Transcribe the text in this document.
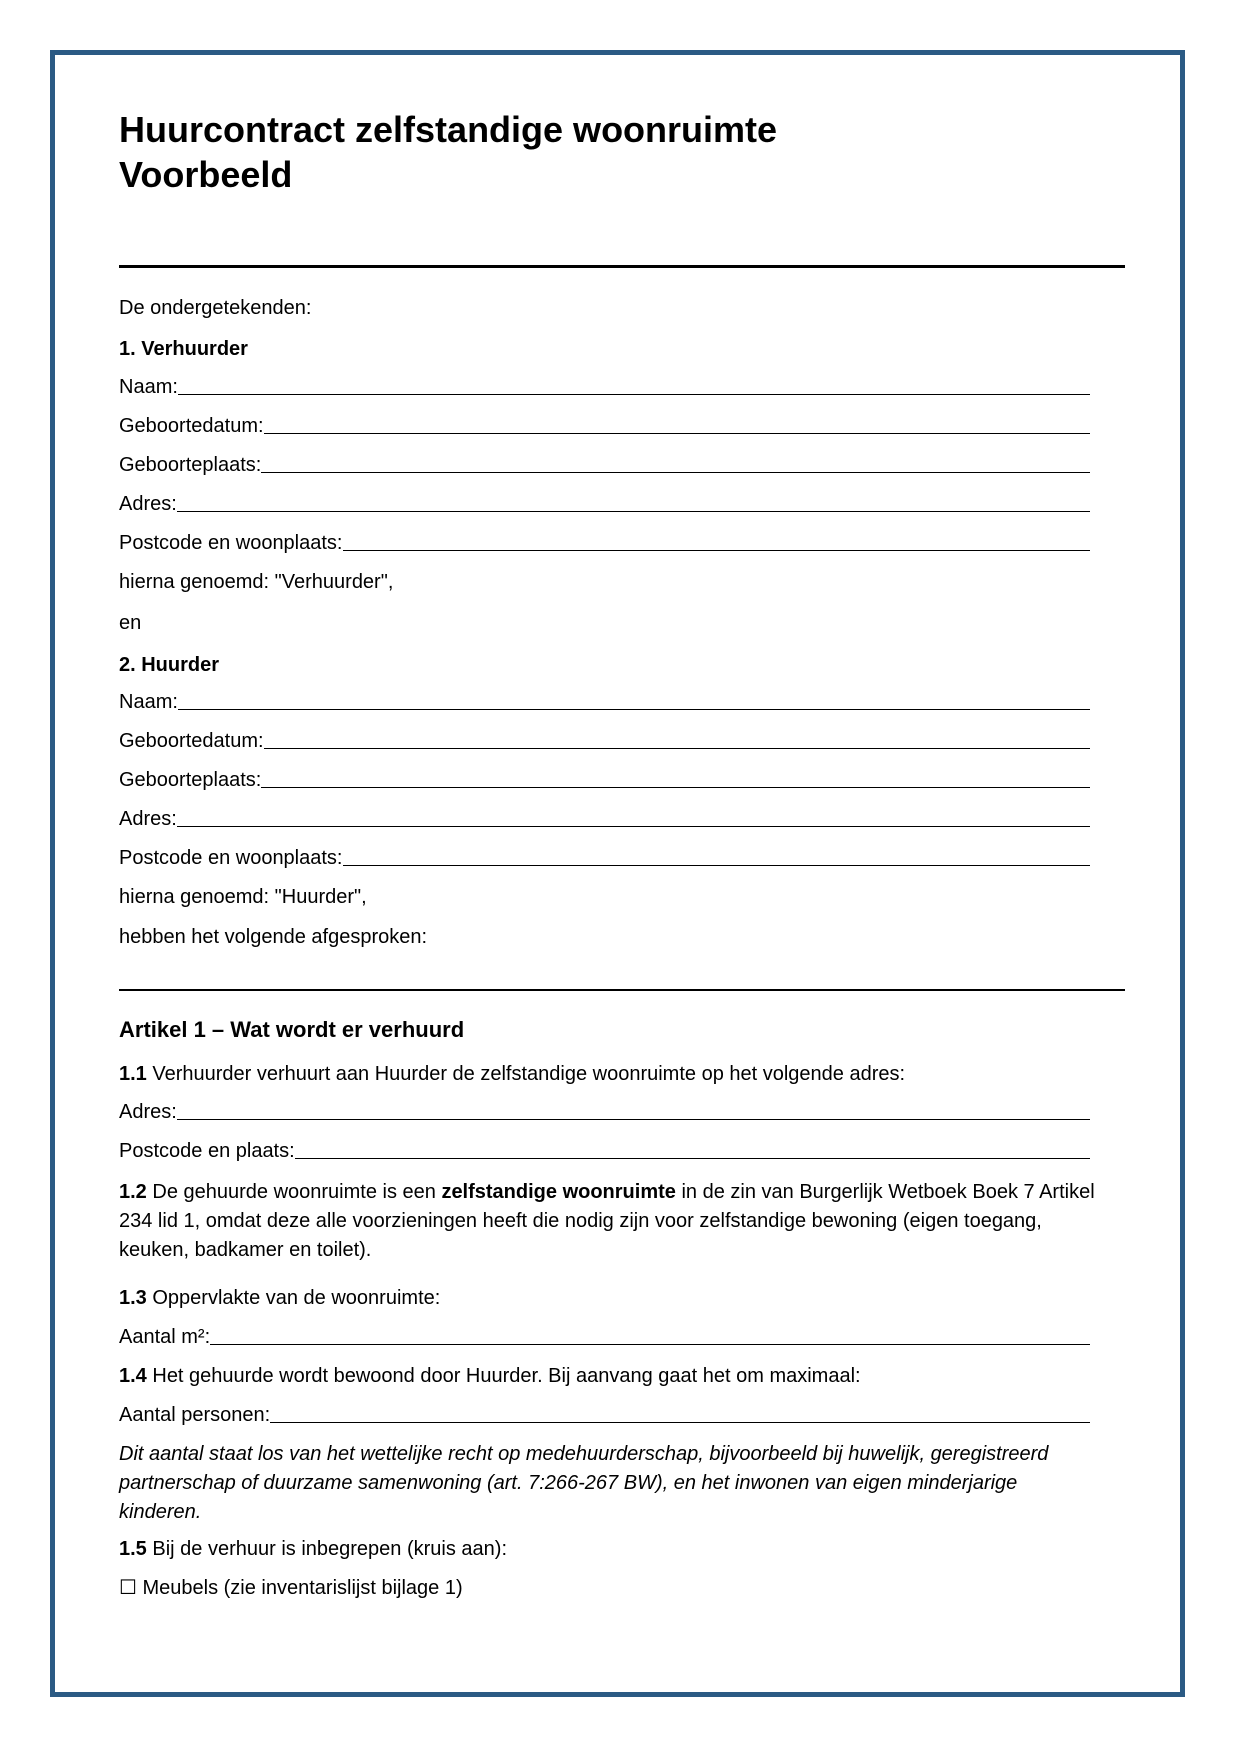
Huurcontract zelfstandige woonruimte
Voorbeeld
De ondergetekenden:
1. Verhuurder
Naam:
Geboortedatum:
Geboorteplaats:
Adres:
Postcode en woonplaats:
hierna genoemd: "Verhuurder",
en
2. Huurder
Naam:
Geboortedatum:
Geboorteplaats:
Adres:
Postcode en woonplaats:
hierna genoemd: "Huurder",
hebben het volgende afgesproken:
Artikel 1 – Wat wordt er verhuurd
1.1 Verhuurder verhuurt aan Huurder de zelfstandige woonruimte op het volgende adres:
Adres:
Postcode en plaats:
1.2 De gehuurde woonruimte is een zelfstandige woonruimte in de zin van Burgerlijk Wetboek Boek 7 Artikel 234 lid 1, omdat deze alle voorzieningen heeft die nodig zijn voor zelfstandige bewoning (eigen toegang, keuken, badkamer en toilet).
1.3 Oppervlakte van de woonruimte:
Aantal m²:
1.4 Het gehuurde wordt bewoond door Huurder. Bij aanvang gaat het om maximaal:
Aantal personen:
Dit aantal staat los van het wettelijke recht op medehuurderschap, bijvoorbeeld bij huwelijk, geregistreerd partnerschap of duurzame samenwoning (art. 7:266-267 BW), en het inwonen van eigen minderjarige kinderen.
1.5 Bij de verhuur is inbegrepen (kruis aan):
☐ Meubels (zie inventarislijst bijlage 1)
